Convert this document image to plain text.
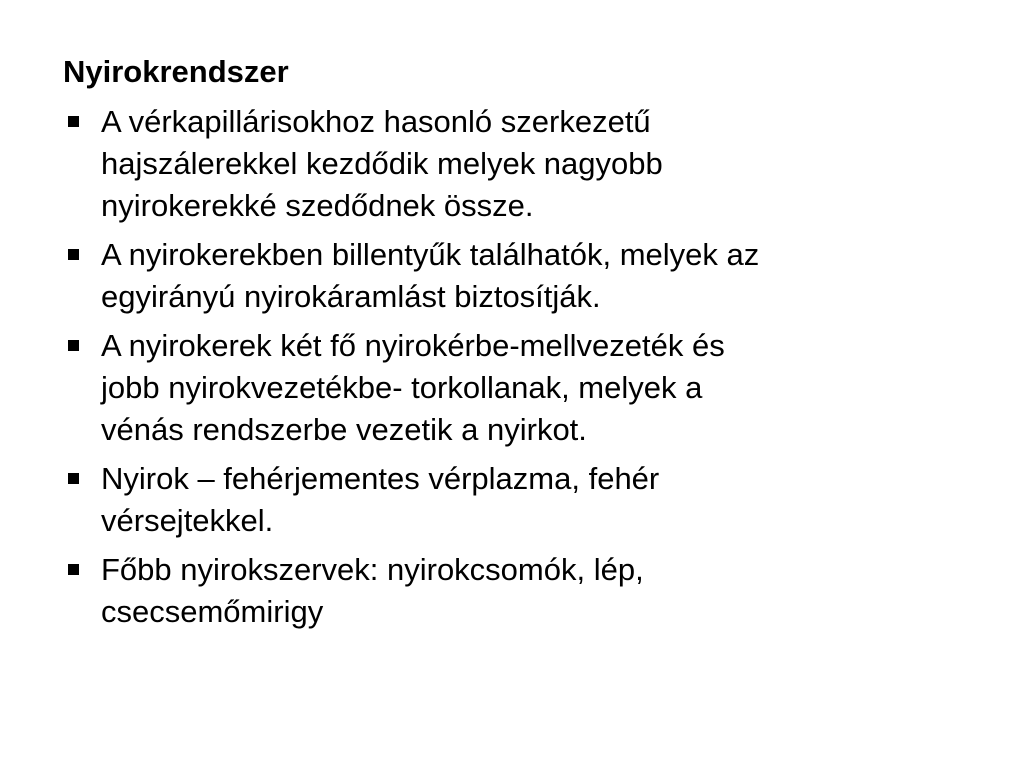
Nyirokrendszer
A vérkapillárisokhoz hasonló szerkezetű
hajszálerekkel kezdődik melyek nagyobb
nyirokerekké szedődnek össze.
A nyirokerekben billentyűk találhatók, melyek az
egyirányú nyirokáramlást biztosítják.
A nyirokerek két fő nyirokérbe-mellvezeték és
jobb nyirokvezetékbe- torkollanak, melyek a
vénás rendszerbe vezetik a nyirkot.
Nyirok – fehérjementes vérplazma, fehér
vérsejtekkel.
Főbb nyirokszervek: nyirokcsomók, lép,
csecsemőmirigy
